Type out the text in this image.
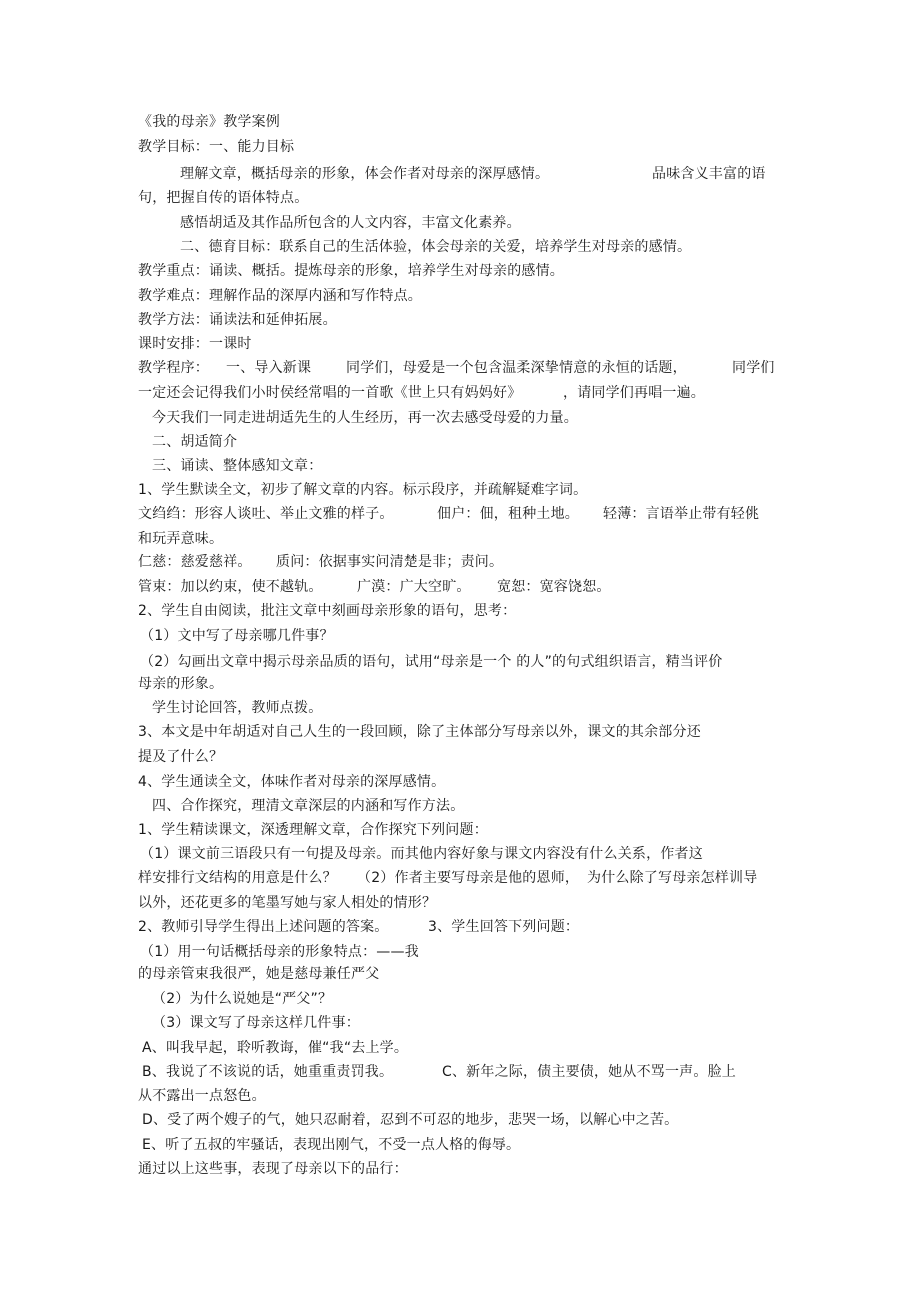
《我的母亲》教学案例
教学目标：一、能力目标
理解文章，概括母亲的形象，体会作者对母亲的深厚感情。	品味含义丰富的语
句，把握自传的语体特点。
感悟胡适及其作品所包含的人文内容，丰富文化素养。
二、德育目标：联系自己的生活体验，体会母亲的关爱，培养学生对母亲的感情。
教学重点：诵读、概括。提炼母亲的形象，培养学生对母亲的感情。
教学难点：理解作品的深厚内涵和写作特点。
教学方法：诵读法和延伸拓展。
课时安排：一课时
教学程序： 一、导入新课 同学们，母爱是一个包含温柔深挚情意的永恒的话题，	同学们
一定还会记得我们小时侯经常唱的一首歌《世上只有妈妈好》	，请同学们再唱一遍。
今天我们一同走进胡适先生的人生经历，再一次去感受母爱的力量。
二、胡适简介
三、诵读、整体感知文章：
1、学生默读全文，初步了解文章的内容。标示段序，并疏解疑难字词。
文绉绉：形容人谈吐、举止文雅的样子。	佃户：佃，租种土地。 轻薄：言语举止带有轻佻
和玩弄意味。
仁慈：慈爱慈祥。 质问：依据事实问清楚是非；责问。
管束：加以约束，使不越轨。 广漠：广大空旷。 宽恕：宽容饶恕。
2、学生自由阅读，批注文章中刻画母亲形象的语句，思考：
（1）文中写了母亲哪几件事？
（2）勾画出文章中揭示母亲品质的语句，试用“母亲是一个 的人”的句式组织语言，精当评价
母亲的形象。
学生讨论回答，教师点拨。
3、本文是中年胡适对自己人生的一段回顾，除了主体部分写母亲以外，课文的其余部分还
提及了什么？
4、学生通读全文，体味作者对母亲的深厚感情。
四、合作探究，理清文章深层的内涵和写作方法。
1、学生精读课文，深透理解文章，合作探究下列问题：
（1）课文前三语段只有一句提及母亲。而其他内容好象与课文内容没有什么关系，作者这
样安排行文结构的用意是什么？ （2）作者主要写母亲是他的恩师， 为什么除了写母亲怎样训导
以外，还花更多的笔墨写她与家人相处的情形？
2、教师引导学生得出上述问题的答案。	3、学生回答下列问题：
（1）用一句话概括母亲的形象特点：——我
的母亲管束我很严，她是慈母兼任严父
（2）为什么说她是“严父”？
（3）课文写了母亲这样几件事：
A、叫我早起，聆听教诲，催“我“去上学。
B、我说了不该说的话，她重重责罚我。	C、新年之际，债主要债，她从不骂一声。脸上
从不露出一点怒色。
D、受了两个嫂子的气，她只忍耐着，忍到不可忍的地步，悲哭一场，以解心中之苦。
E、听了五叔的牢骚话，表现出刚气，不受一点人格的侮辱。
通过以上这些事，表现了母亲以下的品行：
